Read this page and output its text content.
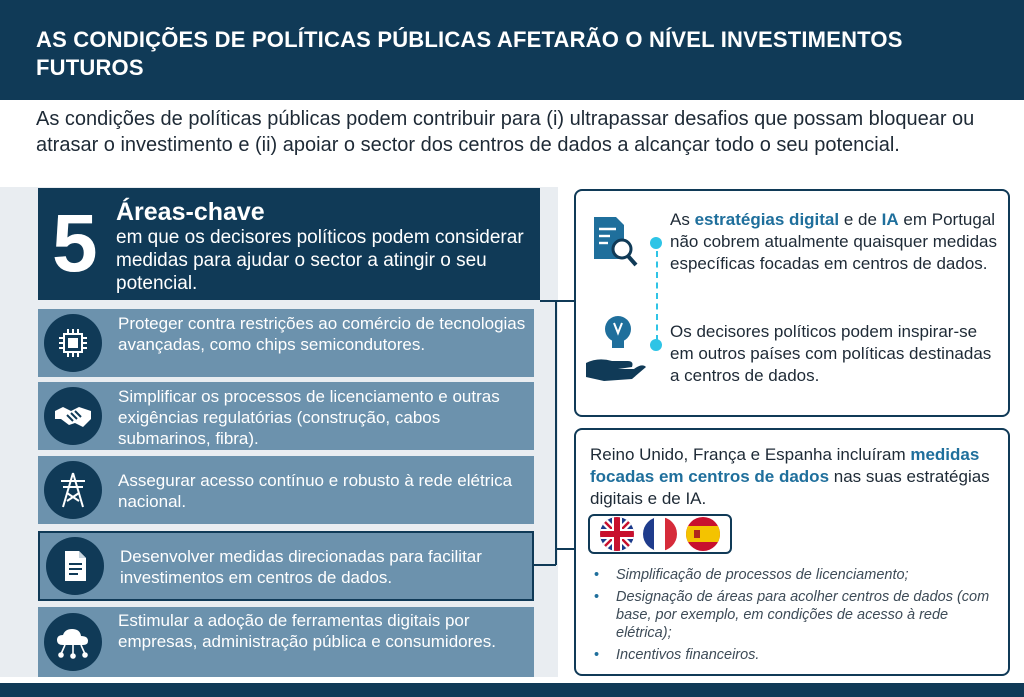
AS CONDIÇÕES DE POLÍTICAS PÚBLICAS AFETARÃO O NÍVEL INVESTIMENTOS
FUTUROS

As condições de políticas públicas podem contribuir para (i) ultrapassar desafios que possam bloquear ou atrasar o investimento e (ii) apoiar o sector dos centros de dados a alcançar todo o seu potencial.

5 Áreas-chave
em que os decisores políticos podem considerar medidas para ajudar o sector a atingir o seu potencial.
Proteger contra restrições ao comércio de tecnologias avançadas, como chips semicondutores.
Simplificar os processos de licenciamento e outras exigências regulatórias (construção, cabos submarinos, fibra).
Assegurar acesso contínuo e robusto à rede elétrica nacional.
Desenvolver medidas direcionadas para facilitar investimentos em centros de dados.
Estimular a adoção de ferramentas digitais por empresas, administração pública e consumidores.

As estratégias digital e de IA em Portugal não cobrem atualmente quaisquer medidas específicas focadas em centros de dados.

Os decisores políticos podem inspirar-se em outros países com políticas destinadas a centros de dados.

Reino Unido, França e Espanha incluíram medidas focadas em centros de dados nas suas estratégias digitais e de IA.

• Simplificação de processos de licenciamento;
• Designação de áreas para acolher centros de dados (com base, por exemplo, em condições de acesso à rede elétrica);
• Incentivos financeiros.
